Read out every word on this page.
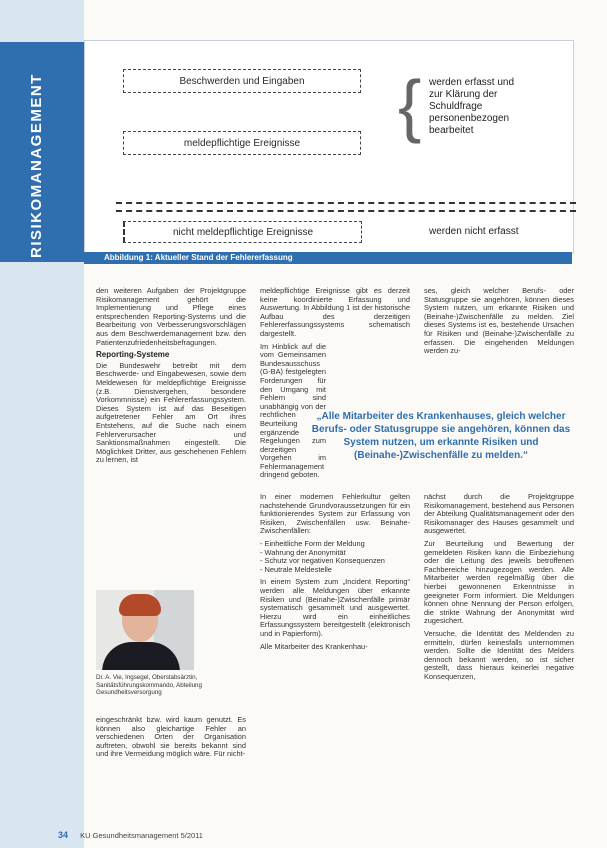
RISIKOMANAGEMENT	Beschwerden und Eingaben
meldepflichtige Ereignisse
werden erfasst und
zur Klärung der
Schuldfrage
personenbezogen
bearbeitet
nicht meldepflichtige Ereignisse	werden nicht erfasst
{
Abbildung 1: Aktueller Stand der Fehlererfassung

den weiteren Aufgaben der Projektgruppe Risikomanagement gehört die Implementierung und Pflege eines entsprechenden Reporting-Systems und die Bearbeitung von Verbesserungsvorschlägen aus dem Beschwerdemanagement bzw. den Patientenzufriedenheitsbefragungen.

Reporting-Systeme

Die Bundeswehr betreibt mit dem Beschwerde- und Eingabewesen, sowie dem Meldewesen für meldepflichtige Ereignisse (z.B. Dienstvergehen, besondere Vorkommnisse) ein Fehlererfassungssystem. Dieses System ist auf das Beseitigen aufgetretener Fehler am Ort ihres Entstehens, auf die Suche nach einem Fehlerverursacher und Sanktionsmaßnahmen eingestellt. Die Möglichkeit Dritter, aus geschehenen Fehlern zu lernen, ist

Dr. A. Vie, Ingsegel, Oberstabsärztin, Sanitätsführungskommando, Abteilung Gesundheitsversorgung

eingeschränkt bzw. wird kaum genutzt. Es können also gleichartige Fehler an verschiedenen Orten der Organisation auftreten, obwohl sie bereits bekannt sind und ihre Vermeidung möglich wäre. Für nicht-

meldepflichtige Ereignisse gibt es derzeit keine koordinierte Erfassung und Auswertung. In Abbildung 1 ist der historische Aufbau des derzeitigen Fehlererfassungssystems schematisch dargestellt.

Im Hinblick auf die vom Gemeinsamen Bundesausschuss (G-BA) festgelegten Forderungen für den Umgang mit Fehlern sind unabhängig von der rechtlichen Beurteilung ergänzende Regelungen zum derzeitigen Vorgehen im Fehlermanagement dringend geboten.

In einer modernen Fehlerkultur gelten nachstehende Grundvoraussetzungen für ein funktionierendes System zur Erfassung von Risiken, Zwischenfällen usw. Beinahe-Zwischenfällen:

- Einheitliche Form der Meldung
- Wahrung der Anonymität
- Schutz vor negativen Konsequenzen
- Neutrale Meldestelle

In einem System zum „Incident Reporting“ werden alle Meldungen über erkannte Risiken und (Beinahe-)Zwischenfälle primär systematisch gesammelt und ausgewertet. Hierzu wird ein einheitliches Erfassungssystem bereitgestellt (elektronisch und in Papierform).

Alle Mitarbeiter des Krankenhau-

ses, gleich welcher Berufs- oder Statusgruppe sie angehören, können dieses System nutzen, um erkannte Risiken und (Beinahe-)Zwischenfälle zu melden. Ziel dieses Systems ist es, bestehende Ursachen für Risiken und (Beinahe-)Zwischenfälle zu erfassen. Die eingehenden Meldungen werden zu-

„Alle Mitarbeiter des Krankenhauses, gleich welcher Berufs- oder Statusgruppe sie angehören, können das System nutzen, um erkannte Risiken und (Beinahe-)Zwischenfälle zu melden.“

nächst durch die Projektgruppe Risikomanagement, bestehend aus Personen der Abteilung Qualitätsmanagement oder den Risikomanager des Hauses gesammelt und ausgewertet.

Zur Beurteilung und Bewertung der gemeldeten Risiken kann die Einbeziehung oder die Leitung des jeweils betroffenen Fachbereiche hinzugezogen werden. Alle Mitarbeiter werden regelmäßig über die hierbei gewonnenen Erkenntnisse in geeigneter Form informiert. Die Meldungen können ohne Nennung der Person erfolgen, die strikte Wahrung der Anonymität wird zugesichert.

Versuche, die Identität des Meldenden zu ermitteln, dürfen keinesfalls unternommen werden. Sollte die Identität des Melders dennoch bekannt werden, so ist sicher gestellt, dass hieraus keinerlei negative Konsequenzen,

34 KU Gesundheitsmanagement 5/2011
